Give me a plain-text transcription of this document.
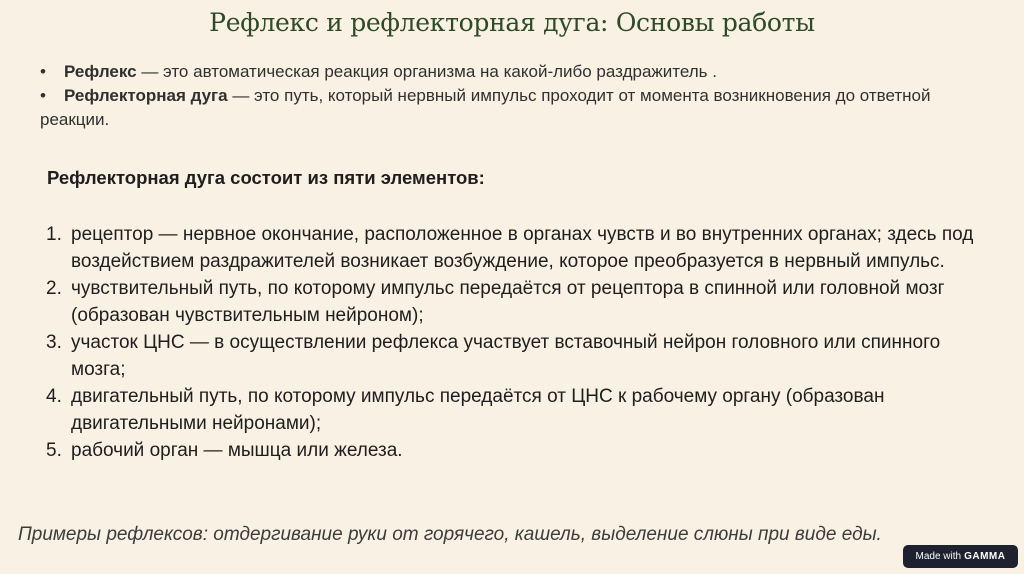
Рефлекс и рефлекторная дуга: Основы работы

• Рефлекс — это автоматическая реакция организма на какой-либо раздражитель .

• Рефлекторная дуга — это путь, который нервный импульс проходит от момента возникновения до ответной реакции.

Рефлекторная дуга состоит из пяти элементов:
1. рецептор — нервное окончание, расположенное в органах чувств и во внутренних органах; здесь под воздействием раздражителей возникает возбуждение, которое преобразуется в нервный импульс.
2. чувствительный путь, по которому импульс передаётся от рецептора в спинной или головной мозг (образован чувствительным нейроном);
3. участок ЦНС — в осуществлении рефлекса участвует вставочный нейрон головного или спинного мозга;
4. двигательный путь, по которому импульс передаётся от ЦНС к рабочему органу (образован двигательными нейронами);
5. рабочий орган — мышца или железа.
Примеры рефлексов: отдергивание руки от горячего, кашель, выделение слюны при виде еды.
Made with GAMMA
